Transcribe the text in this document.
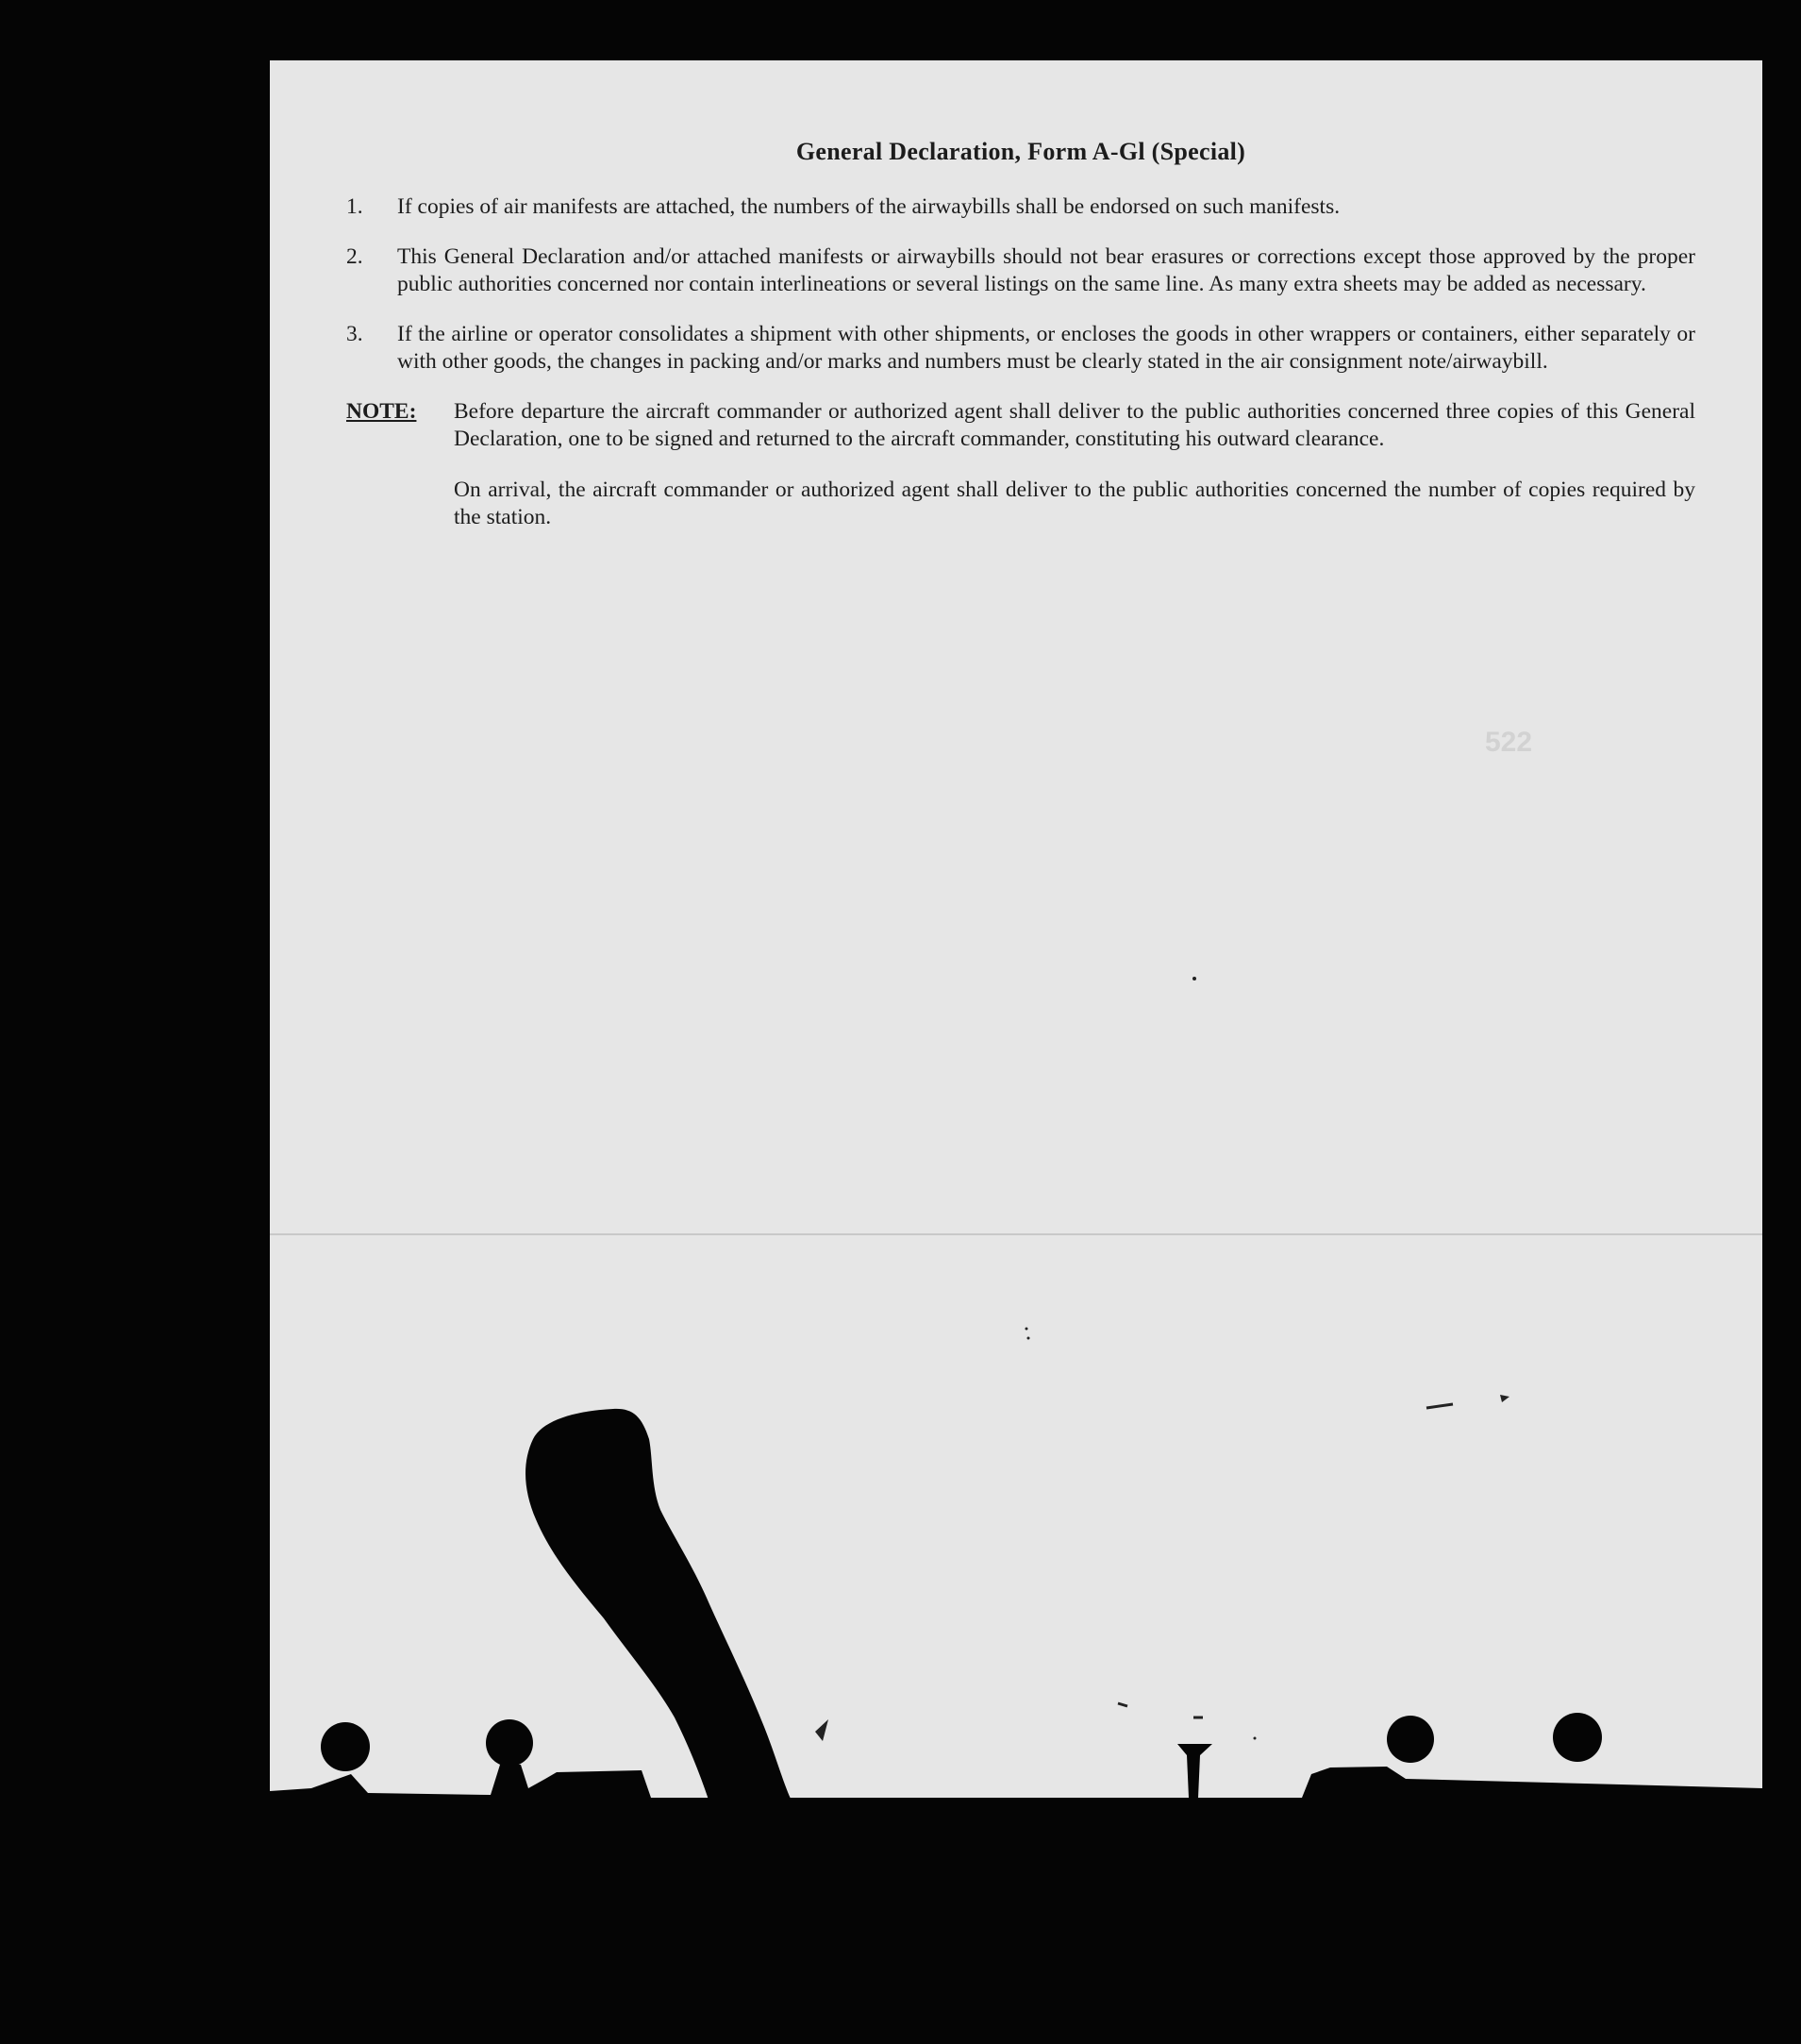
General Declaration, Form A-Gl (Special)
1.	If copies of air manifests are attached, the numbers of the airwaybills shall be endorsed on such manifests.
2.	This General Declaration and/or attached manifests or airwaybills should not bear erasures or corrections except those approved by the proper public authorities concerned nor contain interlineations or several listings on the same line. As many extra sheets may be added as necessary.
3.	If the airline or operator consolidates a shipment with other shipments, or encloses the goods in other wrappers or containers, either separately or with other goods, the changes in packing and/or marks and numbers must be clearly stated in the air consignment note/airwaybill.
NOTE:	Before departure the aircraft commander or authorized agent shall deliver to the public authorities concerned three copies of this General Declaration, one to be signed and returned to the aircraft commander, constituting his outward clearance.

On arrival, the aircraft commander or authorized agent shall deliver to the public authorities concerned the number of copies required by the station.

522
